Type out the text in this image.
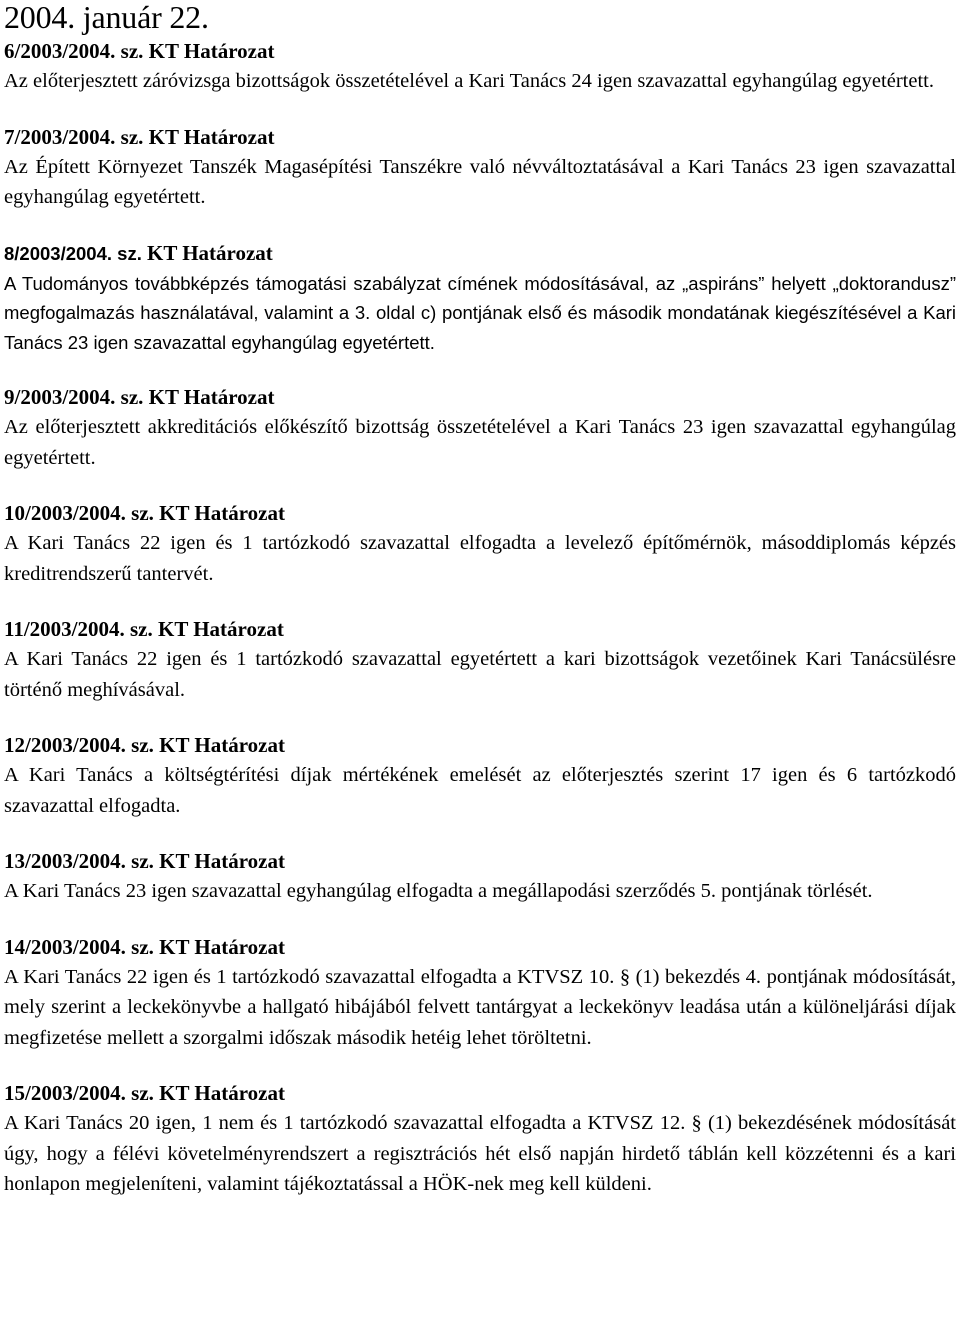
2004. január 22.
6/2003/2004. sz. KT Határozat
Az előterjesztett záróvizsga bizottságok összetételével a Kari Tanács 24 igen szavazattal egyhangúlag egyetértett.
7/2003/2004. sz. KT Határozat
Az Épített Környezet Tanszék Magasépítési Tanszékre való névváltoztatásával a Kari Tanács 23 igen szavazattal egyhangúlag egyetértett.
8/2003/2004. sz. KT Határozat
A Tudományos továbbképzés támogatási szabályzat címének módosításával, az „aspiráns” helyett „doktorandusz” megfogalmazás használatával, valamint a 3. oldal c) pontjának első és második mondatának kiegészítésével a Kari Tanács 23 igen szavazattal egyhangúlag egyetértett.
9/2003/2004. sz. KT Határozat
Az előterjesztett akkreditációs előkészítő bizottság összetételével a Kari Tanács 23 igen szavazattal egyhangúlag egyetértett.
10/2003/2004. sz. KT Határozat
A Kari Tanács 22 igen és 1 tartózkodó szavazattal elfogadta a levelező építőmérnök, másoddiplomás képzés kreditrendszerű tantervét.
11/2003/2004. sz. KT Határozat
A Kari Tanács 22 igen és 1 tartózkodó szavazattal egyetértett a kari bizottságok vezetőinek Kari Tanácsülésre történő meghívásával.
12/2003/2004. sz. KT Határozat
A Kari Tanács a költségtérítési díjak mértékének emelését az előterjesztés szerint 17 igen és 6 tartózkodó szavazattal elfogadta.
13/2003/2004. sz. KT Határozat
A Kari Tanács 23 igen szavazattal egyhangúlag elfogadta a megállapodási szerződés 5. pontjának törlését.
14/2003/2004. sz. KT Határozat
A Kari Tanács 22 igen és 1 tartózkodó szavazattal elfogadta a KTVSZ 10. § (1) bekezdés 4. pontjának módosítását, mely szerint a leckekönyvbe a hallgató hibájából felvett tantárgyat a leckekönyv leadása után a különeljárási díjak megfizetése mellett a szorgalmi időszak második hetéig lehet töröltetni.
15/2003/2004. sz. KT Határozat
A Kari Tanács 20 igen, 1 nem és 1 tartózkodó szavazattal elfogadta a KTVSZ 12. § (1) bekezdésének módosítását úgy, hogy a félévi követelményrendszert a regisztrációs hét első napján hirdető táblán kell közzétenni és a kari honlapon megjeleníteni, valamint tájékoztatással a HÖK-nek meg kell küldeni.
